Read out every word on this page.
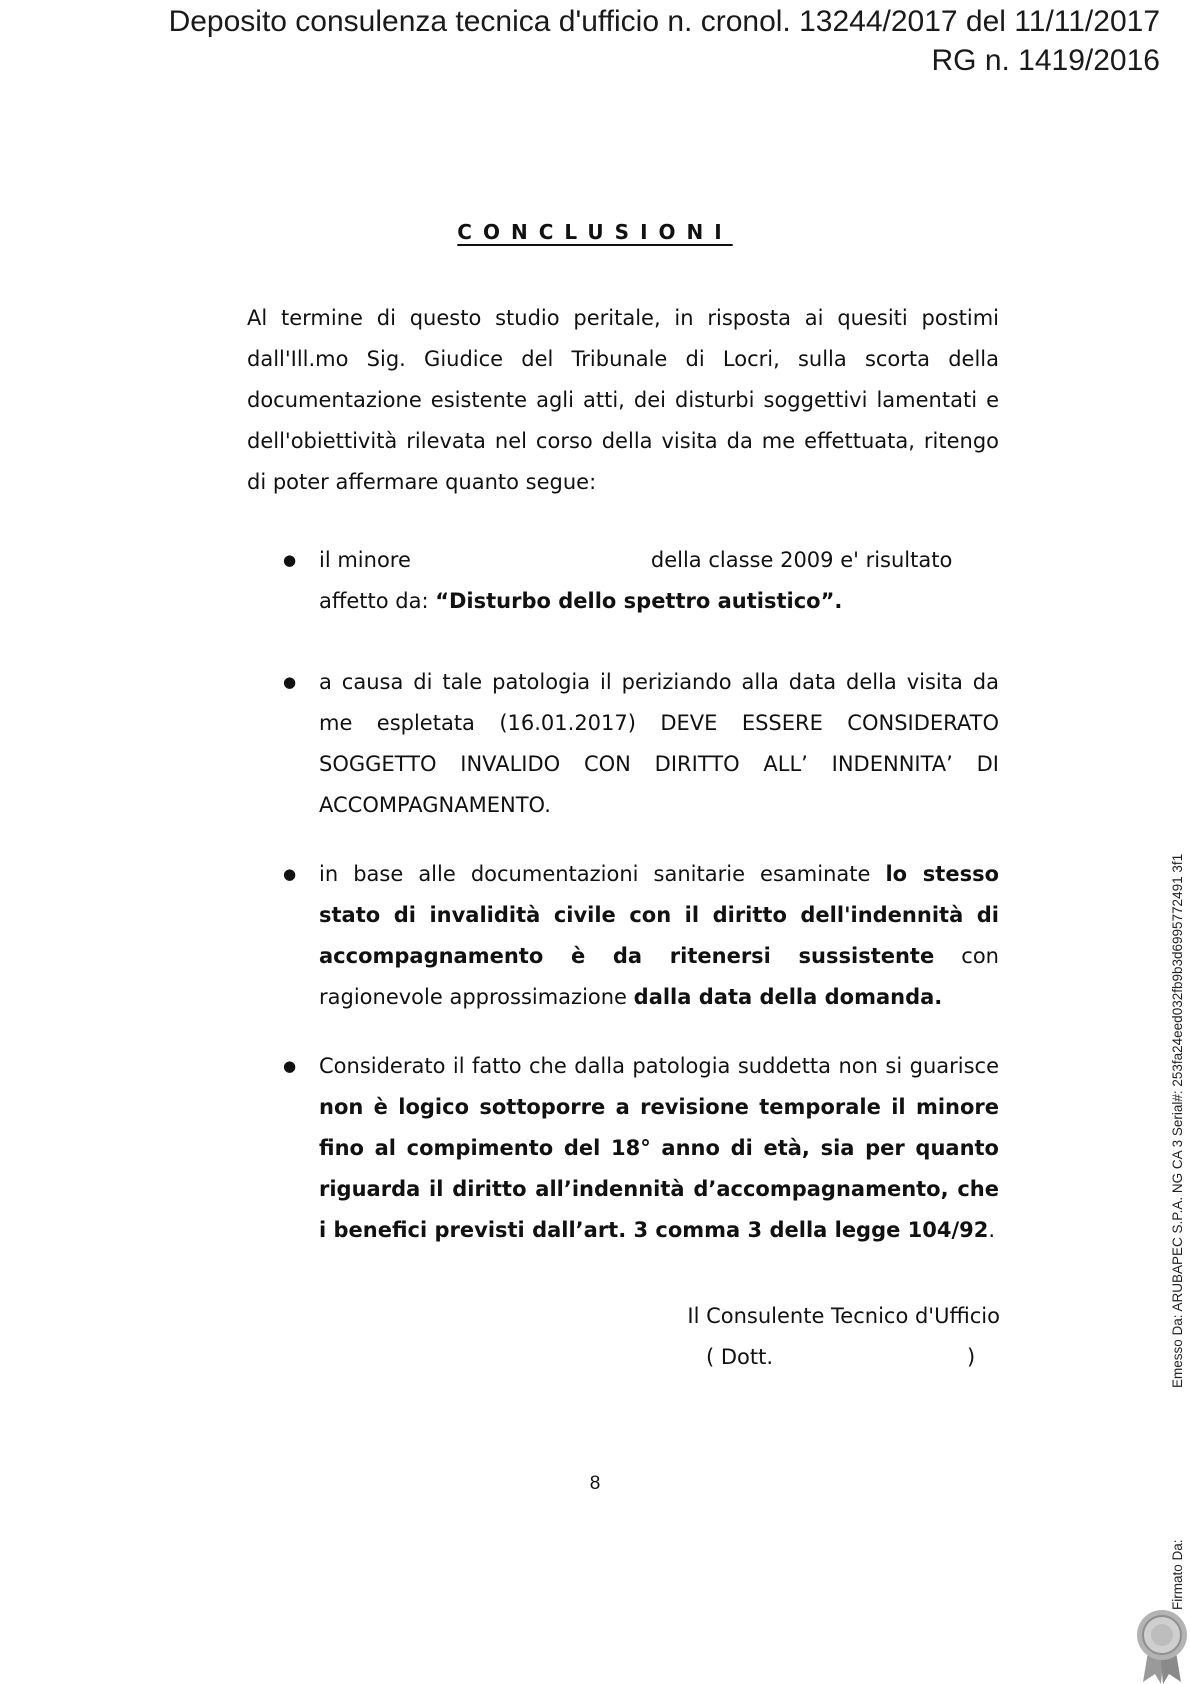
Deposito consulenza tecnica d'ufficio n. cronol. 13244/2017 del 11/11/2017
RG n. 1419/2016
CONCLUSIONI
Al termine di questo studio peritale, in risposta ai quesiti postimi dall'Ill.mo Sig. Giudice del Tribunale di Locri, sulla scorta della documentazione esistente agli atti, dei disturbi soggettivi lamentati e dell'obiettività rilevata nel corso della visita da me effettuata, ritengo di poter affermare quanto segue:
● il minore	della classe 2009 e' risultato
affetto da: “Disturbo dello spettro autistico”.
● a causa di tale patologia il periziando alla data della visita da me espletata (16.01.2017) DEVE ESSERE CONSIDERATO SOGGETTO INVALIDO CON DIRITTO ALL’ INDENNITA’ DI ACCOMPAGNAMENTO.
● in base alle documentazioni sanitarie esaminate lo stesso stato di invalidità civile con il diritto dell'indennità di accompagnamento è da ritenersi sussistente con ragionevole approssimazione dalla data della domanda.
● Considerato il fatto che dalla patologia suddetta non si guarisce non è logico sottoporre a revisione temporale il minore fino al compimento del 18° anno di età, sia per quanto riguarda il diritto all’indennità d’accompagnamento, che i benefici previsti dall’art. 3 comma 3 della legge 104/92.
Il Consulente Tecnico d'Ufficio
( Dott.	)
8
Emesso Da: ARUBAPEC S.P.A. NG CA 3 Serial#: 253fa24eed032fb9b3d6995772491 3f1
Firmato Da:
